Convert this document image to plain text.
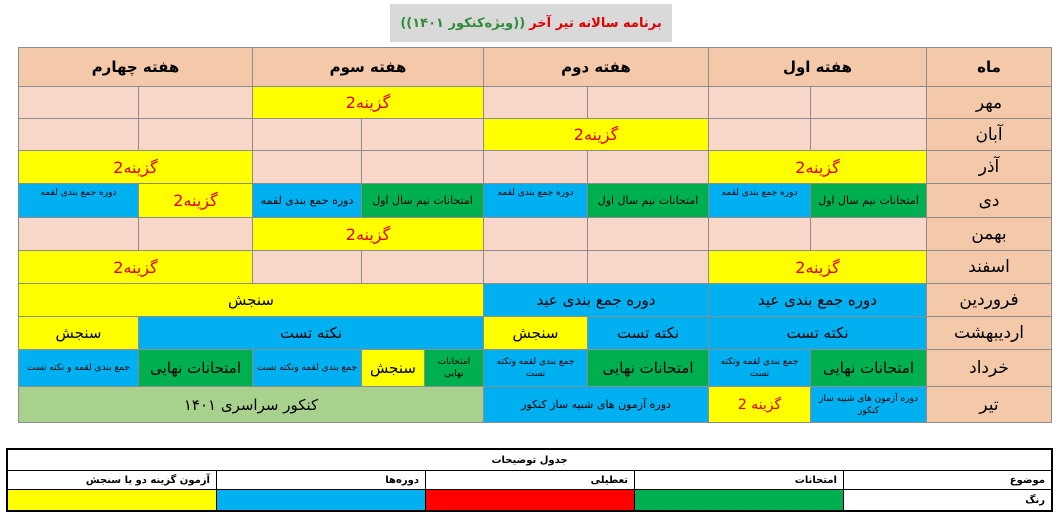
برنامه سالانه تیر آخر
((ویژه‌کنکور ۱۴۰۱))
ماه
هفته اول
هفته دوم
هفته سوم
هفته چهارم
مهر
آبان
آذر
دی
بهمن
اسفند
فروردین
اردیبهشت
خرداد
تیر
گزینه2
گزینه2
گزینه2
گزینه2
امتحانات نیم سال اول
دوره جمع بندی لقمه
امتحانات نیم سال اول
دوره جمع بندی لقمه
امتحانات نیم سال اول
دوره جمع بندی لقمه
گزینه2
دوره جمع بندی لقمه
گزینه2
گزینه2
گزینه2
دوره جمع بندی عید
دوره جمع بندی عید
سنجش
نکته تست
نکته تست
سنجش
نکته تست
سنجش
امتحانات نهایی
جمع بندی لقمه وتکته تست
امتحانات نهایی
جمع بندی لقمه وتکته تست
امتحانات نهایی
سنجش
جمع بندی لقمه ونکته تست
امتحانات نهایی
جمع بندی لقمه و نکته تست
دوره آزمون های شبیه ساز کنکور
گزینه 2
دوره آزمون های شبیه ساز کنکور
کنکور سراسری ۱۴۰۱
جدول توضیحات
موضوع
امتحانات
تعطیلی
دوره‌ها
آزمون گزینه دو یا سنجش
رنگ
